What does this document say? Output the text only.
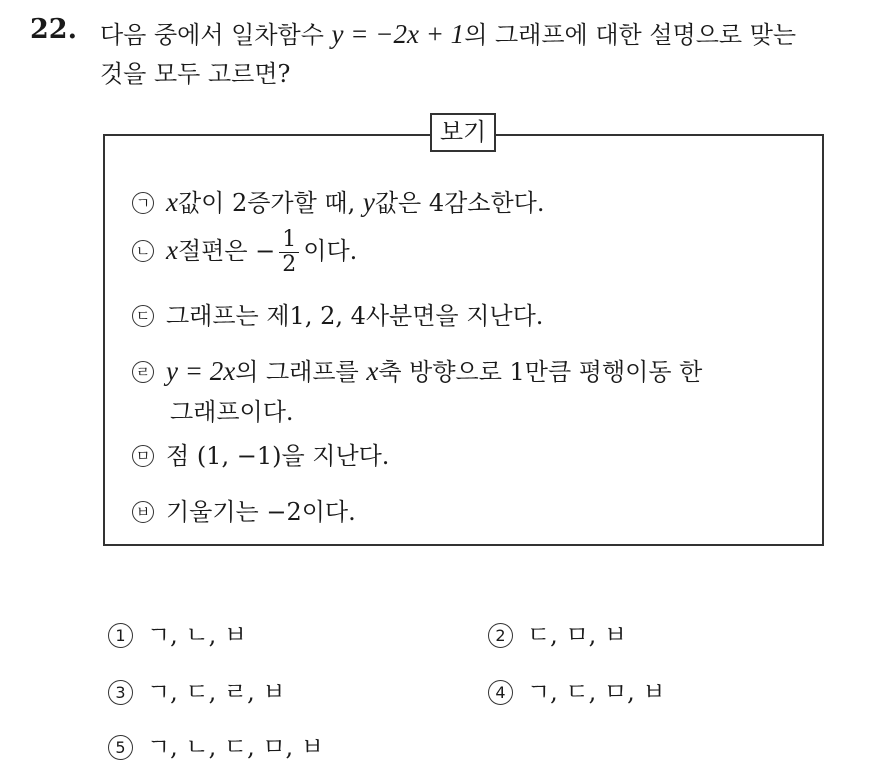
22. 다음 중에서 일차함수 y = −2x + 1의 그래프에 대한 설명으로 맞는
것을 모두 고르면?
보기
ㄱ x값이 2증가할 때, y값은 4감소한다.
ㄴ x절편은 − $\frac{1}{2}$ 이다.
ㄷ 그래프는 제1, 2, 4사분면을 지난다.
ㄹ y = 2x의 그래프를 x축 방향으로 1만큼 평행이동 한
그래프이다.
ㅁ 점 (1, −1)을 지난다.
ㅂ 기울기는 −2이다.
1 ㄱ, ㄴ, ㅂ	2 ㄷ, ㅁ, ㅂ
3 ㄱ, ㄷ, ㄹ, ㅂ	4 ㄱ, ㄷ, ㅁ, ㅂ
5 ㄱ, ㄴ, ㄷ, ㅁ, ㅂ
